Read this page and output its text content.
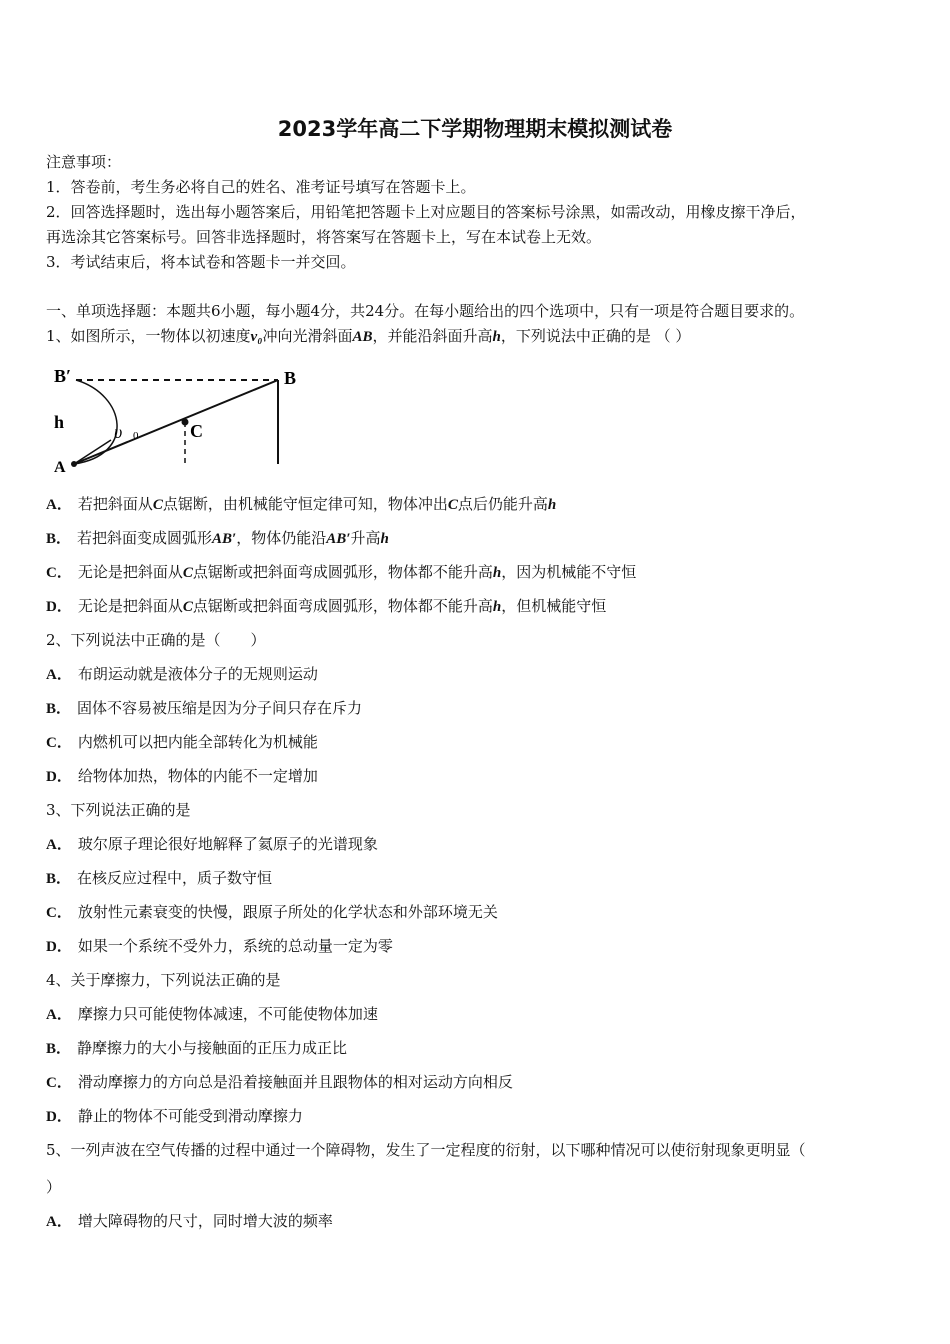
2023学年高二下学期物理期末模拟测试卷
注意事项：
1．答卷前，考生务必将自己的姓名、准考证号填写在答题卡上。
2．回答选择题时，选出每小题答案后，用铅笔把答题卡上对应题目的答案标号涂黑，如需改动，用橡皮擦干净后，
再选涂其它答案标号。回答非选择题时，将答案写在答题卡上，写在本试卷上无效。
3．考试结束后，将本试卷和答题卡一并交回。
一、单项选择题：本题共6小题，每小题4分，共24分。在每小题给出的四个选项中，只有一项是符合题目要求的。
1、如图所示，一物体以初速度v₀冲向光滑斜面AB，并能沿斜面升高h，下列说法中正确的是 （ ）
B′	B
h	C
A
υ 0
A． 若把斜面从C点锯断，由机械能守恒定律可知，物体冲出C点后仍能升高h
B． 若把斜面变成圆弧形AB′，物体仍能沿AB′升高h
C． 无论是把斜面从C点锯断或把斜面弯成圆弧形，物体都不能升高h，因为机械能不守恒
D． 无论是把斜面从C点锯断或把斜面弯成圆弧形，物体都不能升高h，但机械能守恒
2、下列说法中正确的是（　　）
A． 布朗运动就是液体分子的无规则运动
B． 固体不容易被压缩是因为分子间只存在斥力
C． 内燃机可以把内能全部转化为机械能
D． 给物体加热，物体的内能不一定增加
3、下列说法正确的是
A． 玻尔原子理论很好地解释了氦原子的光谱现象
B． 在核反应过程中，质子数守恒
C． 放射性元素衰变的快慢，跟原子所处的化学状态和外部环境无关
D． 如果一个系统不受外力，系统的总动量一定为零
4、关于摩擦力，下列说法正确的是
A． 摩擦力只可能使物体减速，不可能使物体加速
B． 静摩擦力的大小与接触面的正压力成正比
C． 滑动摩擦力的方向总是沿着接触面并且跟物体的相对运动方向相反
D． 静止的物体不可能受到滑动摩擦力
5、一列声波在空气传播的过程中通过一个障碍物，发生了一定程度的衍射，以下哪种情况可以使衍射现象更明显（
）
A． 增大障碍物的尺寸，同时增大波的频率
